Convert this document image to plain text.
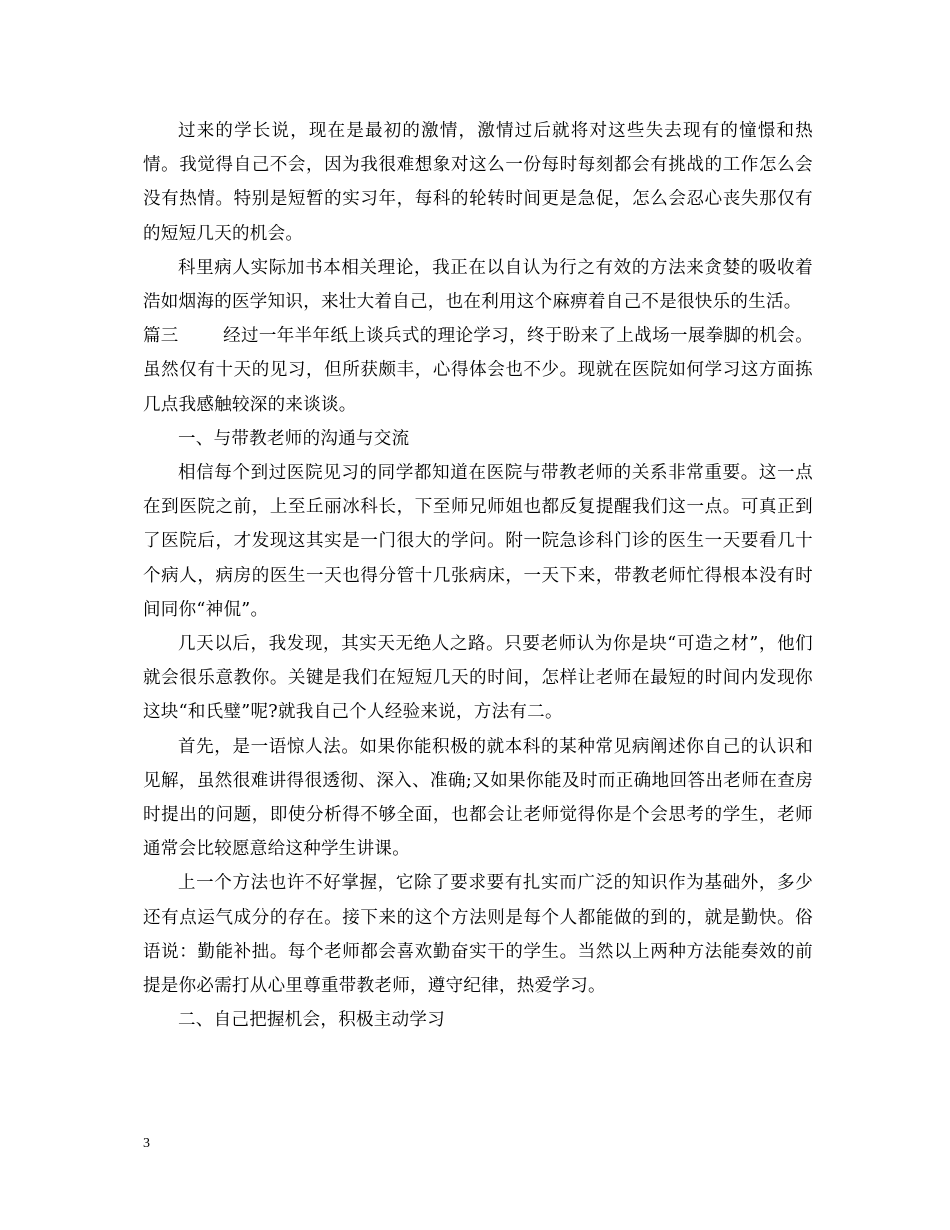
过来的学长说，现在是最初的激情，激情过后就将对这些失去现有的憧憬和热情。我觉得自己不会，因为我很难想象对这么一份每时每刻都会有挑战的工作怎么会没有热情。特别是短暂的实习年，每科的轮转时间更是急促，怎么会忍心丧失那仅有的短短几天的机会。

科里病人实际加书本相关理论，我正在以自认为行之有效的方法来贪婪的吸收着浩如烟海的医学知识，来壮大着自己，也在利用这个麻痹着自己不是很快乐的生活。

篇三	经过一年半年纸上谈兵式的理论学习，终于盼来了上战场一展拳脚的机会。虽然仅有十天的见习，但所获颇丰，心得体会也不少。现就在医院如何学习这方面拣几点我感触较深的来谈谈。

一、与带教老师的沟通与交流

相信每个到过医院见习的同学都知道在医院与带教老师的关系非常重要。这一点在到医院之前，上至丘丽冰科长，下至师兄师姐也都反复提醒我们这一点。可真正到了医院后，才发现这其实是一门很大的学问。附一院急诊科门诊的医生一天要看几十个病人，病房的医生一天也得分管十几张病床，一天下来，带教老师忙得根本没有时间同你“神侃”。

几天以后，我发现，其实天无绝人之路。只要老师认为你是块“可造之材”，他们就会很乐意教你。关键是我们在短短几天的时间，怎样让老师在最短的时间内发现你这块“和氏璧”呢?就我自己个人经验来说，方法有二。

首先，是一语惊人法。如果你能积极的就本科的某种常见病阐述你自己的认识和见解，虽然很难讲得很透彻、深入、准确;又如果你能及时而正确地回答出老师在查房时提出的问题，即使分析得不够全面，也都会让老师觉得你是个会思考的学生，老师通常会比较愿意给这种学生讲课。

上一个方法也许不好掌握，它除了要求要有扎实而广泛的知识作为基础外，多少还有点运气成分的存在。接下来的这个方法则是每个人都能做的到的，就是勤快。俗语说：勤能补拙。每个老师都会喜欢勤奋实干的学生。当然以上两种方法能奏效的前提是你必需打从心里尊重带教老师，遵守纪律，热爱学习。

二、自己把握机会，积极主动学习

3
